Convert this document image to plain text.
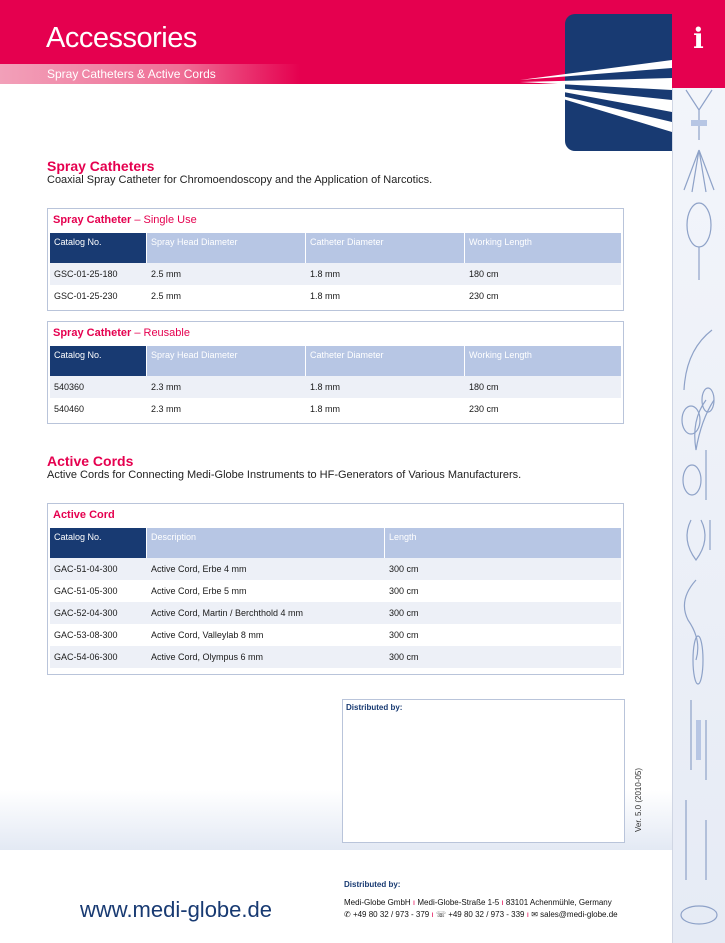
Accessories
Spray Catheters & Active Cords
i
Spray Catheters
Coaxial Spray Catheter for Chromoendoscopy and the Application of Narcotics.
Spray Catheter – Single Use
Catalog No.	Spray Head Diameter	Catheter Diameter	Working Length
GSC-01-25-180	2.5 mm	1.8 mm	180 cm
GSC-01-25-230	2.5 mm	1.8 mm	230 cm
Spray Catheter – Reusable
Catalog No.	Spray Head Diameter	Catheter Diameter	Working Length
540360	2.3 mm	1.8 mm	180 cm
540460	2.3 mm	1.8 mm	230 cm
Active Cords
Active Cords for Connecting Medi-Globe Instruments to HF-Generators of Various Manufacturers.
Active Cord
Catalog No.	Description	Length
GAC-51-04-300	Active Cord, Erbe 4 mm	300 cm
GAC-51-05-300	Active Cord, Erbe 5 mm	300 cm
GAC-52-04-300	Active Cord, Martin / Berchthold 4 mm	300 cm
GAC-53-08-300	Active Cord, Valleylab 8 mm	300 cm
GAC-54-06-300	Active Cord, Olympus 6 mm	300 cm
Distributed by:
Ver. 5.0 (2010-05)
www.medi-globe.de
Distributed by:
Medi-Globe GmbH ı Medi-Globe-Straße 1-5 ı 83101 Achenmühle, Germany
✆ +49 80 32 / 973 - 379 ı ☏ +49 80 32 / 973 - 339 ı ✉ sales@medi-globe.de
